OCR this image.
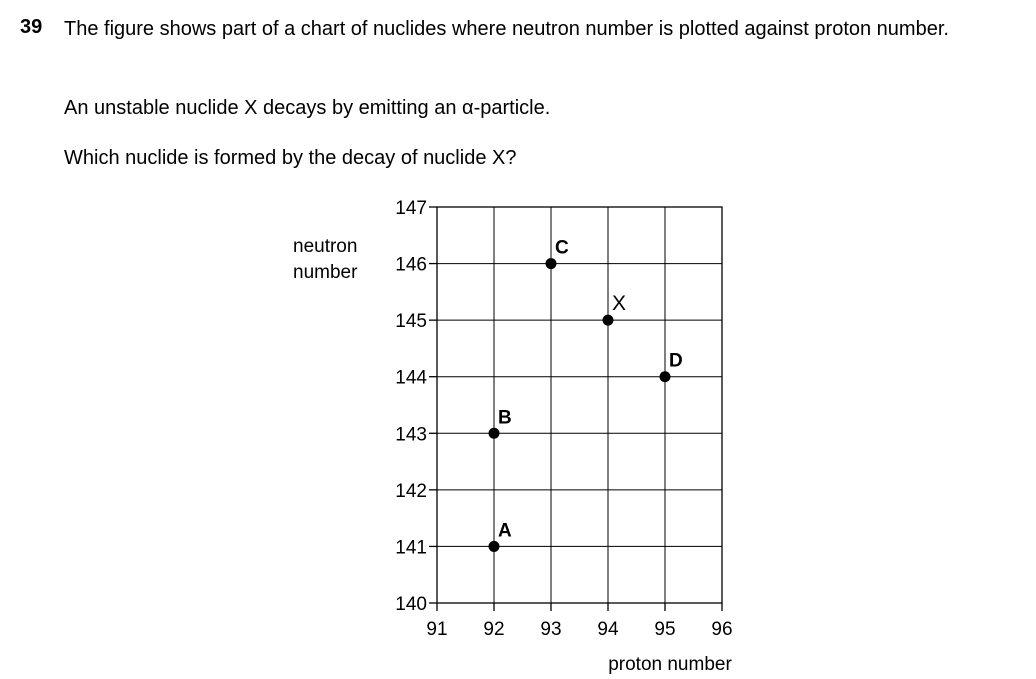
39 The figure shows part of a chart of nuclides where neutron number is plotted against proton number.
An unstable nuclide X decays by emitting an α-particle.
Which nuclide is formed by the decay of nuclide X?
140
141
142
143
144
145
146
147
91 92 93 94 95 96
neutron
number
proton number
A
B
C
X
D
